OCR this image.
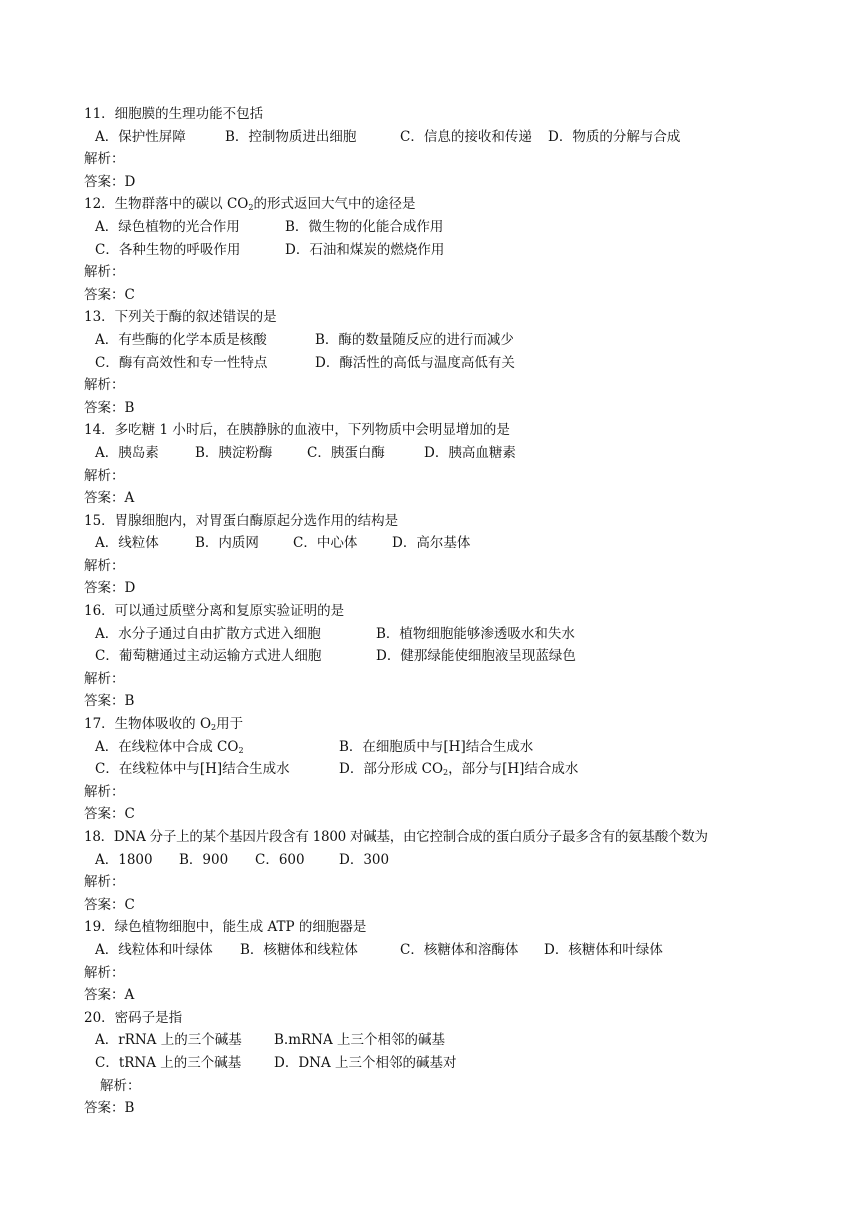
11．细胞膜的生理功能不包括
A．保护性屏障	B．控制物质进出细胞	C．信息的接收和传递 D．物质的分解与合成
解析：
答案：D
12．生物群落中的碳以 $CO_2$的形式返回大气中的途径是
A．绿色植物的光合作用	B．微生物的化能合成作用
C．各种生物的呼吸作用	D．石油和煤炭的燃烧作用
解析：
答案：C
13．下列关于酶的叙述错误的是
A．有些酶的化学本质是核酸	B．酶的数量随反应的进行而减少
C．酶有高效性和专一性特点	D．酶活性的高低与温度高低有关
解析：
答案：B
14．多吃糖 1 小时后，在胰静脉的血液中，下列物质中会明显增加的是
A．胰岛素	B．胰淀粉酶	C．胰蛋白酶	D．胰高血糖素
解析：
答案：A
15．胃腺细胞内，对胃蛋白酶原起分选作用的结构是
A．线粒体	B．内质网	C．中心体	D．高尔基体
解析：
答案：D
16．可以通过质壁分离和复原实验证明的是
A．水分子通过自由扩散方式进入细胞	B．植物细胞能够渗透吸水和失水
C．葡萄糖通过主动运输方式进人细胞	D．健那绿能使细胞液呈现蓝绿色
解析：
答案：B
17．生物体吸收的 $O_2$用于
A．在线粒体中合成 $CO_2$	B．在细胞质中与[H]结合生成水
C．在线粒体中与[H]结合生成水	D．部分形成 $CO_2$，部分与[H]结合成水
解析：
答案：C
18．DNA 分子上的某个基因片段含有 1800 对碱基，由它控制合成的蛋白质分子最多含有的氨基酸个数为
A．1800 B．900 C．600	D．300
解析：
答案：C
19．绿色植物细胞中，能生成 ATP 的细胞器是
A．线粒体和叶绿体 B．核糖体和线粒体	C．核糖体和溶酶体 D．核糖体和叶绿体
解析：
答案：A
20．密码子是指
A．rRNA 上的三个碱基 B.mRNA 上三个相邻的碱基
C．tRNA 上的三个碱基 D．DNA 上三个相邻的碱基对
解析：
答案：B
